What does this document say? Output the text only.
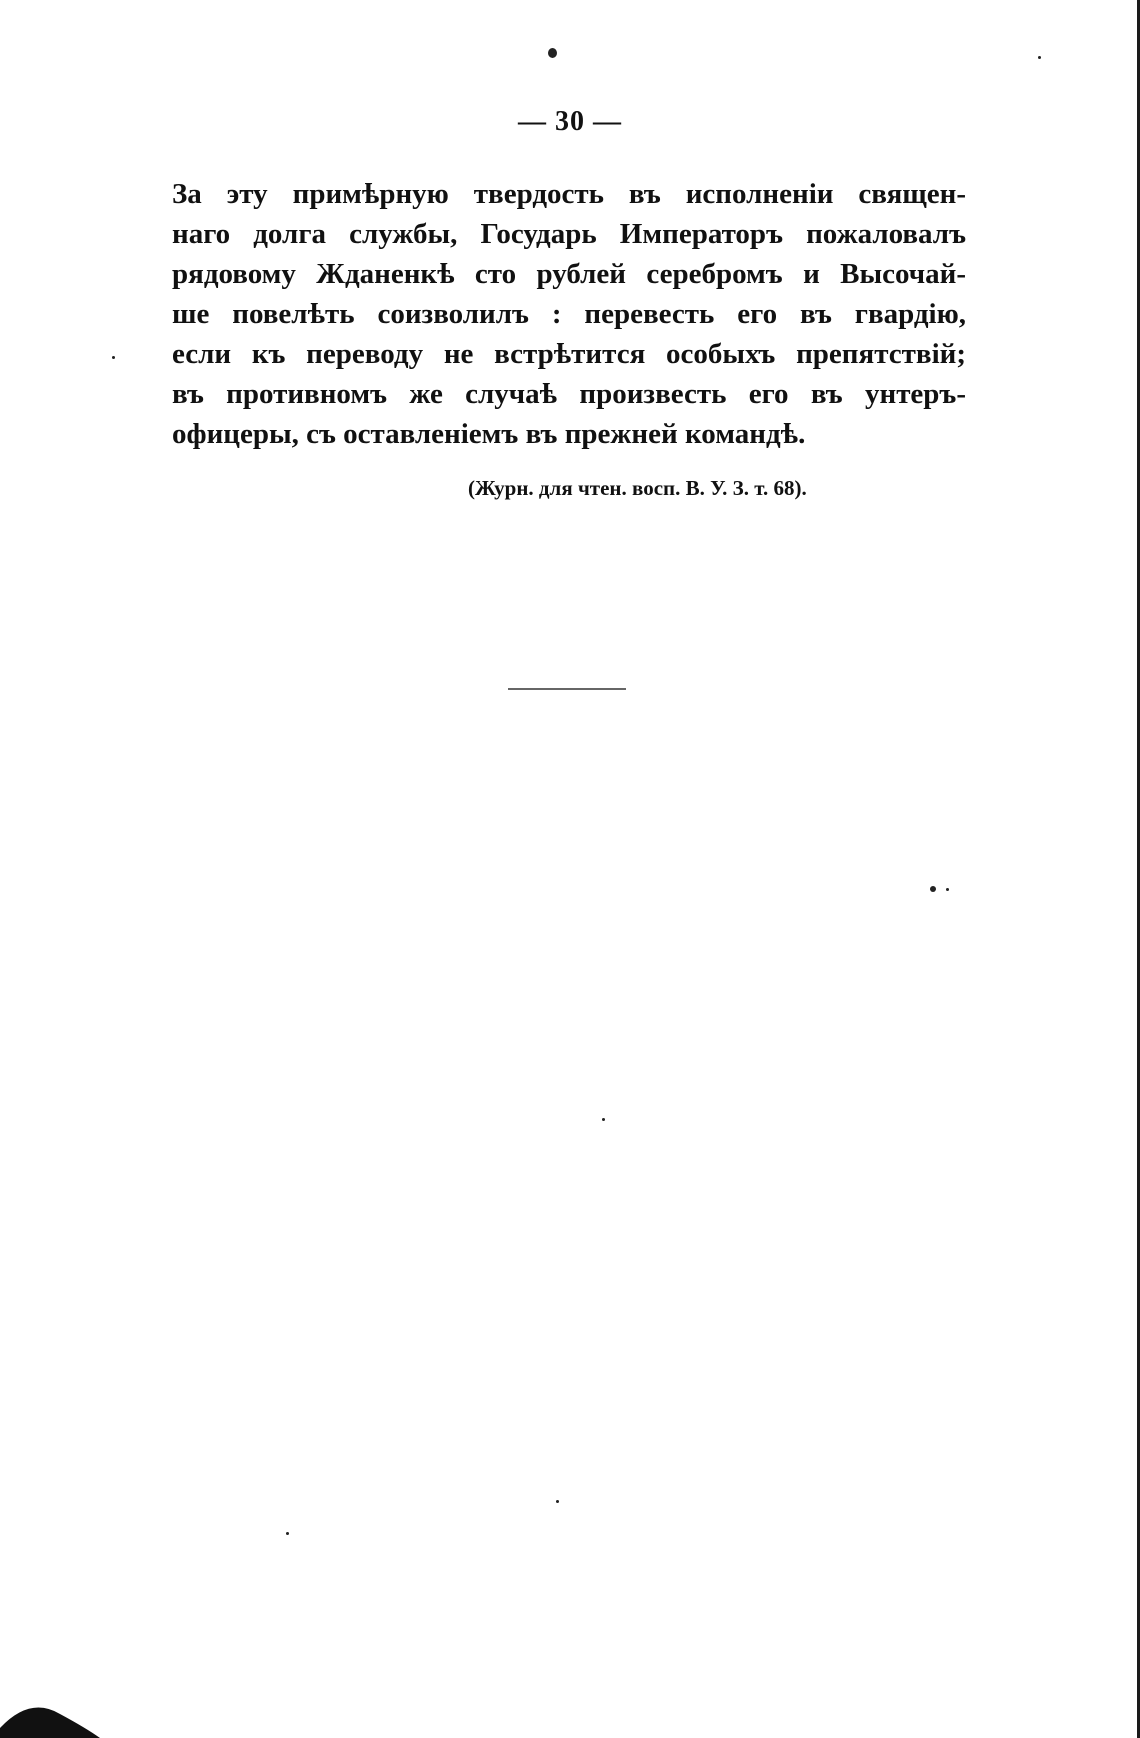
— 30 —
За эту примѣрную твердость въ исполненіи священ-
наго долга службы, Государь Императоръ пожаловалъ
рядовому Жданенкѣ сто рублей серебромъ и Высочай-
ше повелѣть соизволилъ : перевесть его въ гвардію,
если къ переводу не встрѣтится особыхъ препятствій;
въ противномъ же случаѣ произвесть его въ унтеръ-
офицеры, съ оставленіемъ въ прежней командѣ.
(Журн. для чтен. восп. В. У. З. т. 68).
